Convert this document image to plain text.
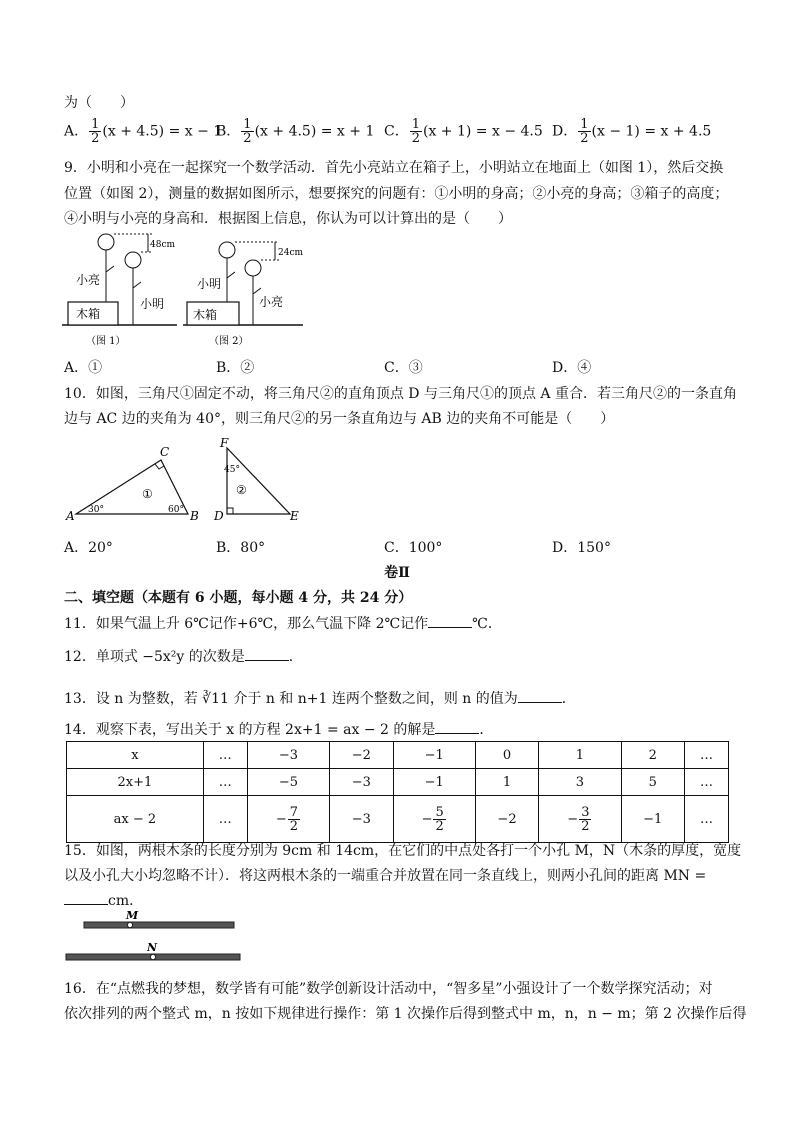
为（　　）
A． $\frac{1}{2} (x + 4.5) = x - 1$
B． $\frac{1}{2} (x + 4.5) = x + 1$ C． $\frac{1}{2} (x + 1) = x - 4.5$ D． $\frac{1}{2} (x - 1) = x + 4.5$
9．小明和小亮在一起探究一个数学活动．首先小亮站立在箱子上，小明站立在地面上（如图 1），然后交换
位置（如图 2），测量的数据如图所示，想要探究的问题有：①小明的身高；②小亮的身高；③箱子的高度；
④小明与小亮的身高和．根据图上信息，你认为可以计算出的是（　　）
48cm
小亮
小明
木箱
（图 1）
24cm
小明
小亮
木箱
（图 2）
A．①	B．②	C．③	D．④
10．如图，三角尺①固定不动，将三角尺②的直角顶点 D 与三角尺①的顶点 A 重合．若三角尺②的一条直角
边与 AC 边的夹角为 40°，则三角尺②的另一条直角边与 AB 边的夹角不可能是（　　）
A	B
C
30°	60°
①
F
D	E
45°
②
A．20°	B．80°	C．100°	D．150°
卷Ⅱ
二、填空题（本题有 6 小题，每小题 4 分，共 24 分）
11．如果气温上升 6℃记作+6℃，那么气温下降 2℃记作	℃．
12．单项式 −5x²y 的次数是	．
13．设 n 为整数，若 ∛11 介于 n 和 n+1 连两个整数之间，则 n 的值为	．
14．观察下表，写出关于 x 的方程 2x+1 = ax − 2 的解是	．
x	…	−3	−2	−1	0	1	2	…
2x+1	…	−5	−3	−1	1	3	5	…
ax − 2	…	− $\frac{7}{2}$	−3	− $\frac{5}{2}$	−2	− $\frac{3}{2}$	−1	…
15．如图，两根木条的长度分别为 9cm 和 14cm，在它们的中点处各打一个小孔 M，N（木条的厚度，宽度
以及小孔大小均忽略不计）．将这两根木条的一端重合并放置在同一条直线上，则两小孔间的距离 MN =
cm．
M
N
16．在“点燃我的梦想，数学皆有可能”数学创新设计活动中，“智多星”小强设计了一个数学探究活动；对
依次排列的两个整式 m，n 按如下规律进行操作：第 1 次操作后得到整式中 m，n，n − m；第 2 次操作后得
